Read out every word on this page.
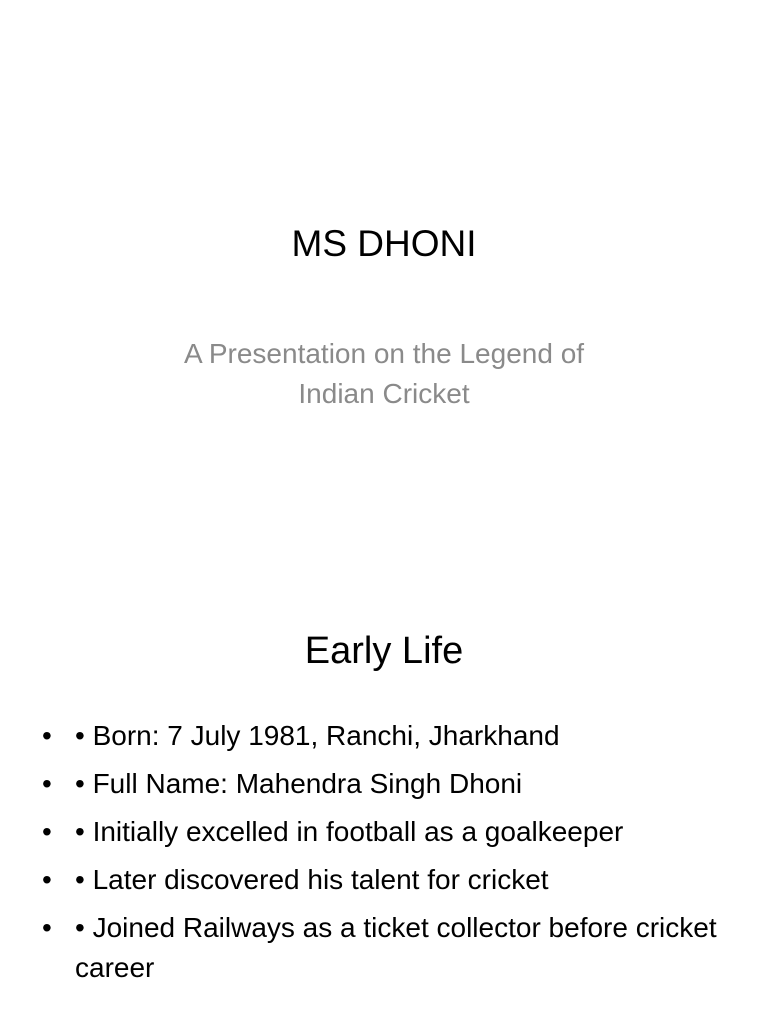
MS DHONI

A Presentation on the Legend of Indian Cricket

Early Life
• • Born: 7 July 1981, Ranchi, Jharkhand
• • Full Name: Mahendra Singh Dhoni
• • Initially excelled in football as a goalkeeper
• • Later discovered his talent for cricket
• • Joined Railways as a ticket collector before cricket career
